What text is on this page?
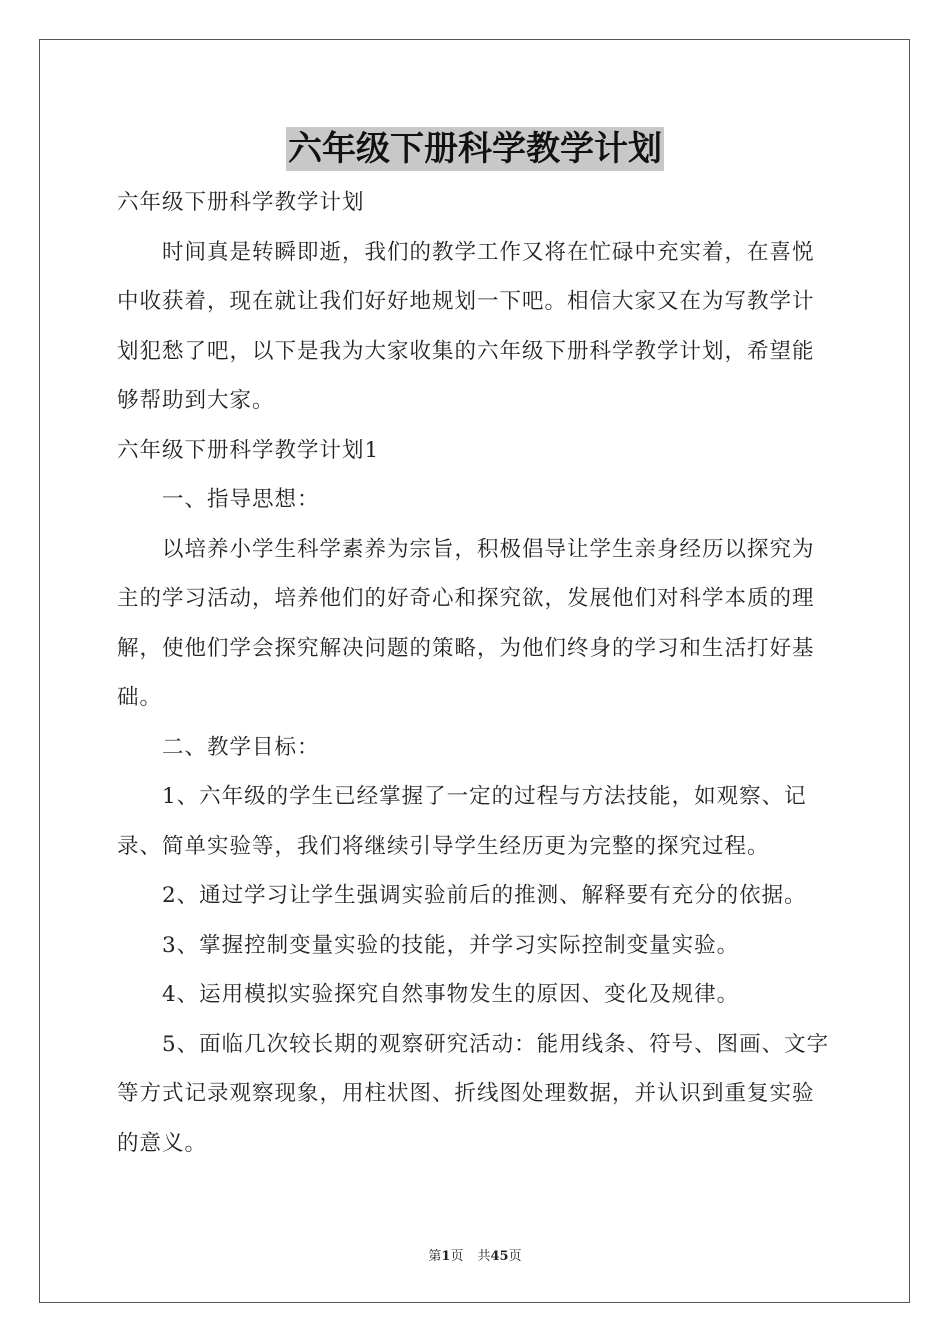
六年级下册科学教学计划

六年级下册科学教学计划

时间真是转瞬即逝，我们的教学工作又将在忙碌中充实着，在喜悦中收获着，现在就让我们好好地规划一下吧。相信大家又在为写教学计划犯愁了吧，以下是我为大家收集的六年级下册科学教学计划，希望能够帮助到大家。

六年级下册科学教学计划1

一、指导思想：

以培养小学生科学素养为宗旨，积极倡导让学生亲身经历以探究为主的学习活动，培养他们的好奇心和探究欲，发展他们对科学本质的理解，使他们学会探究解决问题的策略，为他们终身的学习和生活打好基础。

二、教学目标：

1、六年级的学生已经掌握了一定的过程与方法技能，如观察、记录、简单实验等，我们将继续引导学生经历更为完整的探究过程。

2、通过学习让学生强调实验前后的推测、解释要有充分的依据。

3、掌握控制变量实验的技能，并学习实际控制变量实验。

4、运用模拟实验探究自然事物发生的原因、变化及规律。

5、面临几次较长期的观察研究活动：能用线条、符号、图画、文字等方式记录观察现象，用柱状图、折线图处理数据，并认识到重复实验的意义。

第1页 共45页
